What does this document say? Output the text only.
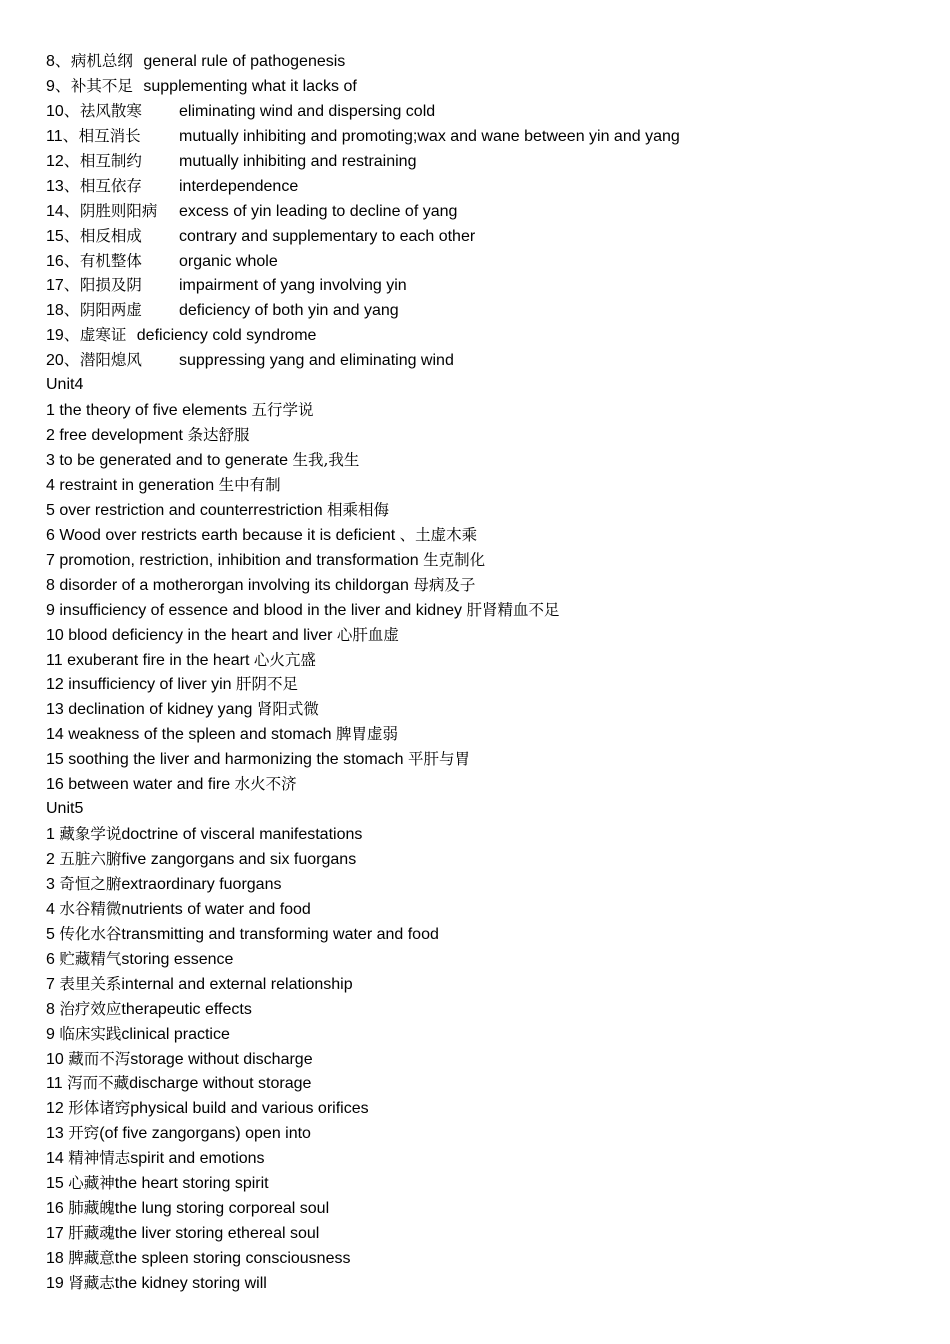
8、病机总纲 general rule of pathogenesis
9、补其不足 supplementing what it lacks of
10、祛风散寒 eliminating wind and dispersing cold
11、相互消长 mutually inhibiting and promoting;wax and wane between yin and yang
12、相互制约 mutually inhibiting and restraining
13、相互依存 interdependence
14、阴胜则阳病 excess of yin leading to decline of yang
15、相反相成 contrary and supplementary to each other
16、有机整体 organic whole
17、阳损及阴 impairment of yang involving yin
18、阴阳两虚 deficiency of both yin and yang
19、虚寒证 deficiency cold syndrome
20、潜阳熄风 suppressing yang and eliminating wind
Unit4
1 the theory of five elements 五行学说
2 free development 条达舒服
3 to be generated and to generate 生我,我生
4 restraint in generation 生中有制
5 over restriction and counterrestriction 相乘相侮
6 Wood over restricts earth because it is deficient 、土虚木乘
7 promotion, restriction, inhibition and transformation 生克制化
8 disorder of a motherorgan involving its childorgan 母病及子
9 insufficiency of essence and blood in the liver and kidney 肝肾精血不足
10 blood deficiency in the heart and liver 心肝血虚
11 exuberant fire in the heart 心火亢盛
12 insufficiency of liver yin 肝阴不足
13 declination of kidney yang 肾阳式微
14 weakness of the spleen and stomach 脾胃虚弱
15 soothing the liver and harmonizing the stomach 平肝与胃
16 between water and fire 水火不济
Unit5
1 藏象学说doctrine of visceral manifestations
2 五脏六腑five zangorgans and six fuorgans
3 奇恒之腑extraordinary fuorgans
4 水谷精微nutrients of water and food
5 传化水谷transmitting and transforming water and food
6 贮藏精气storing essence
7 表里关系internal and external relationship
8 治疗效应therapeutic effects
9 临床实践clinical practice
10 藏而不泻storage without discharge
11 泻而不藏discharge without storage
12 形体诸窍physical build and various orifices
13 开窍(of five zangorgans) open into
14 精神情志spirit and emotions
15 心藏神the heart storing spirit
16 肺藏魄the lung storing corporeal soul
17 肝藏魂the liver storing ethereal soul
18 脾藏意the spleen storing consciousness
19 肾藏志the kidney storing will
